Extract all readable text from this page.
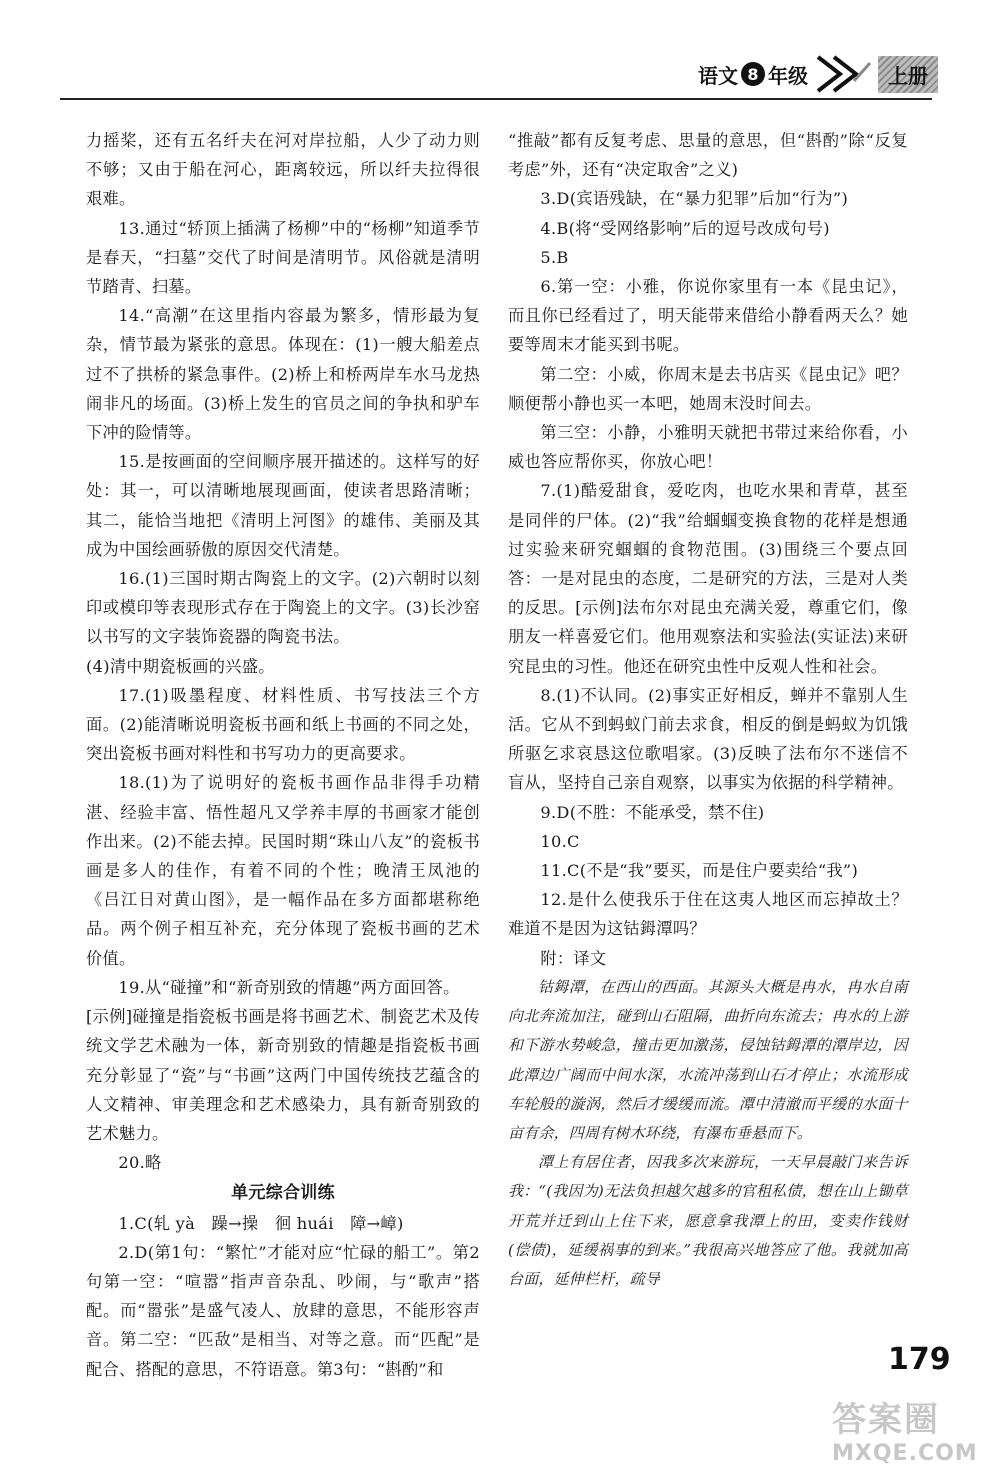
语文 8 年级	上册

力摇桨，还有五名纤夫在河对岸拉船，人少了动力则不够；又由于船在河心，距离较远，所以纤夫拉得很艰难。

13.通过“轿顶上插满了杨柳”中的“杨柳”知道季节是春天，“扫墓”交代了时间是清明节。风俗就是清明节踏青、扫墓。

14.“高潮”在这里指内容最为繁多，情形最为复杂，情节最为紧张的意思。体现在：(1)一艘大船差点过不了拱桥的紧急事件。(2)桥上和桥两岸车水马龙热闹非凡的场面。(3)桥上发生的官员之间的争执和驴车下冲的险情等。

15.是按画面的空间顺序展开描述的。这样写的好处：其一，可以清晰地展现画面，使读者思路清晰；其二，能恰当地把《清明上河图》的雄伟、美丽及其成为中国绘画骄傲的原因交代清楚。

16.(1)三国时期古陶瓷上的文字。(2)六朝时以刻印或模印等表现形式存在于陶瓷上的文字。(3)长沙窑以书写的文字装饰瓷器的陶瓷书法。

(4)清中期瓷板画的兴盛。

17.(1)吸墨程度、材料性质、书写技法三个方面。(2)能清晰说明瓷板书画和纸上书画的不同之处，突出瓷板书画对料性和书写功力的更高要求。

18.(1)为了说明好的瓷板书画作品非得手功精湛、经验丰富、悟性超凡又学养丰厚的书画家才能创作出来。(2)不能去掉。民国时期“珠山八友”的瓷板书画是多人的佳作，有着不同的个性；晚清王凤池的《吕江日对黄山图》，是一幅作品在多方面都堪称绝品。两个例子相互补充，充分体现了瓷板书画的艺术价值。

19.从“碰撞”和“新奇别致的情趣”两方面回答。

[示例]碰撞是指瓷板书画是将书画艺术、制瓷艺术及传统文学艺术融为一体，新奇别致的情趣是指瓷板书画充分彰显了“瓷”与“书画”这两门中国传统技艺蕴含的人文精神、审美理念和艺术感染力，具有新奇别致的艺术魅力。

20.略

单元综合训练

1.C(轧 yà　躁→操　徊 huái　障→嶂)

2.D(第1句：“繁忙”才能对应“忙碌的船工”。第2句第一空：“喧嚣”指声音杂乱、吵闹，与“歌声”搭配。而“嚣张”是盛气凌人、放肆的意思，不能形容声音。第二空：“匹敌”是相当、对等之意。而“匹配”是配合、搭配的意思，不符语意。第3句：“斟酌”和

“推敲”都有反复考虑、思量的意思，但“斟酌”除“反复考虑”外，还有“决定取舍”之义)

3.D(宾语残缺，在“暴力犯罪”后加“行为”)

4.B(将“受网络影响”后的逗号改成句号)

5.B

6.第一空：小雅，你说你家里有一本《昆虫记》，而且你已经看过了，明天能带来借给小静看两天么？她要等周末才能买到书呢。

第二空：小威，你周末是去书店买《昆虫记》吧？顺便帮小静也买一本吧，她周末没时间去。

第三空：小静，小雅明天就把书带过来给你看，小威也答应帮你买，你放心吧！

7.(1)酷爱甜食，爱吃肉，也吃水果和青草，甚至是同伴的尸体。(2)“我”给蝈蝈变换食物的花样是想通过实验来研究蝈蝈的食物范围。(3)围绕三个要点回答：一是对昆虫的态度，二是研究的方法，三是对人类的反思。[示例]法布尔对昆虫充满关爱，尊重它们，像朋友一样喜爱它们。他用观察法和实验法(实证法)来研究昆虫的习性。他还在研究虫性中反观人性和社会。

8.(1)不认同。(2)事实正好相反，蝉并不靠别人生活。它从不到蚂蚁门前去求食，相反的倒是蚂蚁为饥饿所驱乞求哀恳这位歌唱家。(3)反映了法布尔不迷信不盲从，坚持自己亲自观察，以事实为依据的科学精神。

9.D(不胜：不能承受，禁不住)

10.C

11.C(不是“我”要买，而是住户要卖给“我”)

12.是什么使我乐于住在这夷人地区而忘掉故土？难道不是因为这钴鉧潭吗？

附：译文

钴鉧潭，在西山的西面。其源头大概是冉水，冉水自南向北奔流加注，碰到山石阻隔，曲折向东流去；冉水的上游和下游水势峻急，撞击更加激荡，侵蚀钴鉧潭的潭岸边，因此潭边广阔而中间水深，水流冲荡到山石才停止；水流形成车轮般的漩涡，然后才缓缓而流。潭中清澈而平缓的水面十亩有余，四周有树木环绕，有瀑布垂悬而下。

潭上有居住者，因我多次来游玩，一天早晨敲门来告诉我：“(我因为)无法负担越欠越多的官租私债，想在山上锄草开荒并迁到山上住下来，愿意拿我潭上的田，变卖作钱财(偿债)，延缓祸事的到来。”我很高兴地答应了他。我就加高台面，延伸栏杆，疏导

179
答案圈
MXQE.COM
